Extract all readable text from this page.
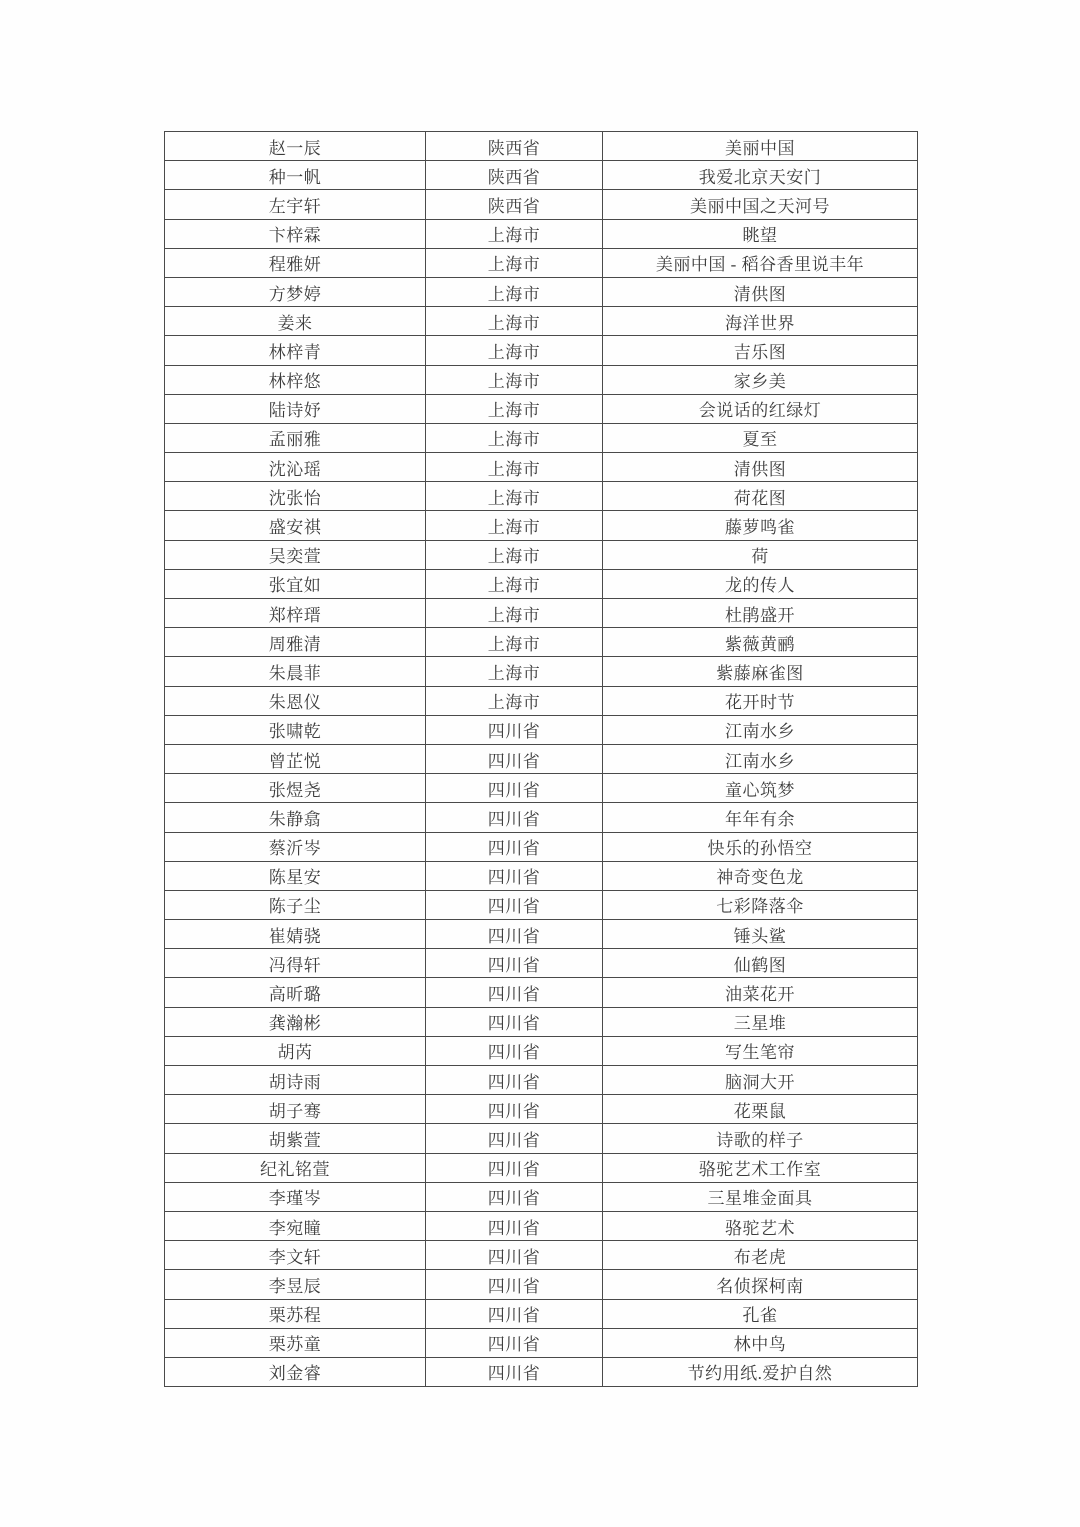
赵一辰	陕西省	美丽中国
种一帆	陕西省	我爱北京天安门
左宇轩	陕西省	美丽中国之天河号
卞梓霖	上海市	眺望
程雅妍	上海市	美丽中国 - 稻谷香里说丰年
方梦婷	上海市	清供图
姜来	上海市	海洋世界
林梓青	上海市	吉乐图
林梓悠	上海市	家乡美
陆诗妤	上海市	会说话的红绿灯
孟丽雅	上海市	夏至
沈沁瑶	上海市	清供图
沈张怡	上海市	荷花图
盛安祺	上海市	藤萝鸣雀
吴奕萱	上海市	荷
张宜如	上海市	龙的传人
郑梓瑨	上海市	杜鹃盛开
周雅清	上海市	紫薇黄鹂
朱晨菲	上海市	紫藤麻雀图
朱恩仪	上海市	花开时节
张啸乾	四川省	江南水乡
曾芷悦	四川省	江南水乡
张煜尧	四川省	童心筑梦
朱静翕	四川省	年年有余
蔡沂岑	四川省	快乐的孙悟空
陈星安	四川省	神奇变色龙
陈子尘	四川省	七彩降落伞
崔婧骁	四川省	锤头鲨
冯得轩	四川省	仙鹤图
高昕璐	四川省	油菜花开
龚瀚彬	四川省	三星堆
胡芮	四川省	写生笔帘
胡诗雨	四川省	脑洞大开
胡子骞	四川省	花栗鼠
胡紫萱	四川省	诗歌的样子
纪礼铭萱	四川省	骆驼艺术工作室
李瑾岑	四川省	三星堆金面具
李宛瞳	四川省	骆驼艺术
李文轩	四川省	布老虎
李昱辰	四川省	名侦探柯南
栗苏程	四川省	孔雀
栗苏童	四川省	林中鸟
刘金睿	四川省	节约用纸.爱护自然
